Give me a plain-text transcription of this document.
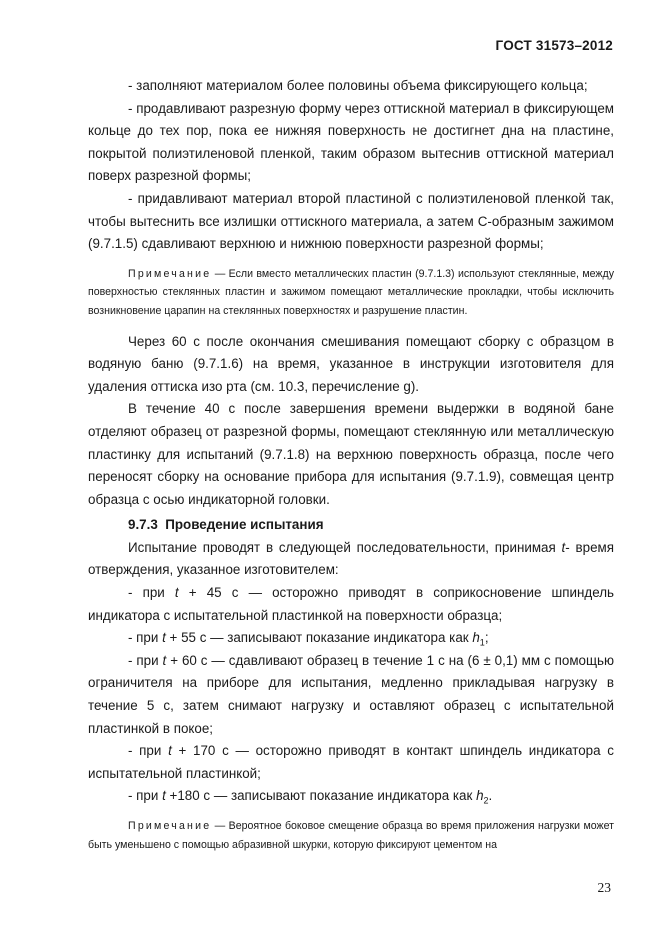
ГОСТ 31573–2012

- заполняют материалом более половины объема фиксирующего кольца;

- продавливают разрезную форму через оттискной материал в фиксирующем кольце до тех пор, пока ее нижняя поверхность не достигнет дна на пластине, покрытой полиэтиленовой пленкой, таким образом вытеснив оттискной материал поверх разрезной формы;

- придавливают материал второй пластиной с полиэтиленовой пленкой так, чтобы вытеснить все излишки оттискного материала, а затем С-образным зажимом (9.7.1.5) сдавливают верхнюю и нижнюю поверхности разрезной формы;

Примечание — Если вместо металлических пластин (9.7.1.3) используют стеклянные, между поверхностью стеклянных пластин и зажимом помещают металлические прокладки, чтобы исключить возникновение царапин на стеклянных поверхностях и разрушение пластин.

Через 60 с после окончания смешивания помещают сборку с образцом в водяную баню (9.7.1.6) на время, указанное в инструкции изготовителя для удаления оттиска изо рта (см. 10.3, перечисление g).

В течение 40 с после завершения времени выдержки в водяной бане отделяют образец от разрезной формы, помещают стеклянную или металлическую пластинку для испытаний (9.7.1.8) на верхнюю поверхность образца, после чего переносят сборку на основание прибора для испытания (9.7.1.9), совмещая центр образца с осью индикаторной головки.

9.7.3 Проведение испытания

Испытание проводят в следующей последовательности, принимая t- время отверждения, указанное изготовителем:

- при t + 45 с — осторожно приводят в соприкосновение шпиндель индикатора с испытательной пластинкой на поверхности образца;

- при t + 55 с — записывают показание индикатора как $h_1$;

- при t + 60 с — сдавливают образец в течение 1 с на (6 ± 0,1) мм с помощью ограничителя на приборе для испытания, медленно прикладывая нагрузку в течение 5 с, затем снимают нагрузку и оставляют образец с испытательной пластинкой в покое;

- при t + 170 с — осторожно приводят в контакт шпиндель индикатора с испытательной пластинкой;

- при t +180 с — записывают показание индикатора как $h_2$.

Примечание — Вероятное боковое смещение образца во время приложения нагрузки может быть уменьшено с помощью абразивной шкурки, которую фиксируют цементом на

23
